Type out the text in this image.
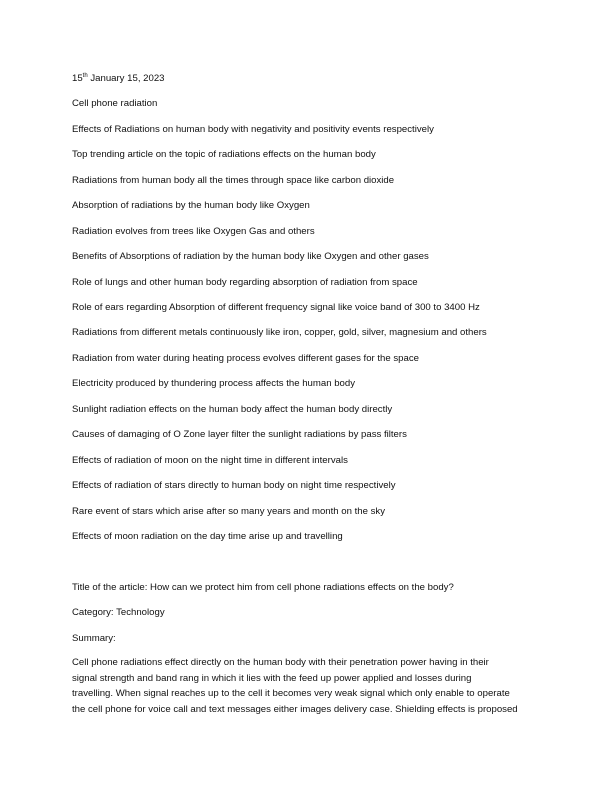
15th January 15, 2023
Cell phone radiation
Effects of Radiations on human body with negativity and positivity events respectively
Top trending article on the topic of radiations effects on the human body
Radiations from human body all the times through space like carbon dioxide
Absorption of radiations by the human body like Oxygen
Radiation evolves from trees like Oxygen Gas and others
Benefits of Absorptions of radiation by the human body like Oxygen and other gases
Role of lungs and other human body regarding absorption of radiation from space
Role of ears regarding Absorption of different frequency signal like voice band of 300 to 3400 Hz
Radiations from different metals continuously like iron, copper, gold, silver, magnesium and others
Radiation from water during heating process evolves different gases for the space
Electricity produced by thundering process affects the human body
Sunlight radiation effects on the human body affect the human body directly
Causes of damaging of O Zone layer filter the sunlight radiations by pass filters
Effects of radiation of moon on the night time in different intervals
Effects of radiation of stars directly to human body on night time respectively
Rare event of stars which arise after so many years and month on the sky
Effects of moon radiation on the day time arise up and travelling
Title of the article: How can we protect him from cell phone radiations effects on the body?
Category: Technology
Summary:
Cell phone radiations effect directly on the human body with their penetration power having in their
signal strength and band rang in which it lies with the feed up power applied and losses during
travelling. When signal reaches up to the cell it becomes very weak signal which only enable to operate
the cell phone for voice call and text messages either images delivery case. Shielding effects is proposed
